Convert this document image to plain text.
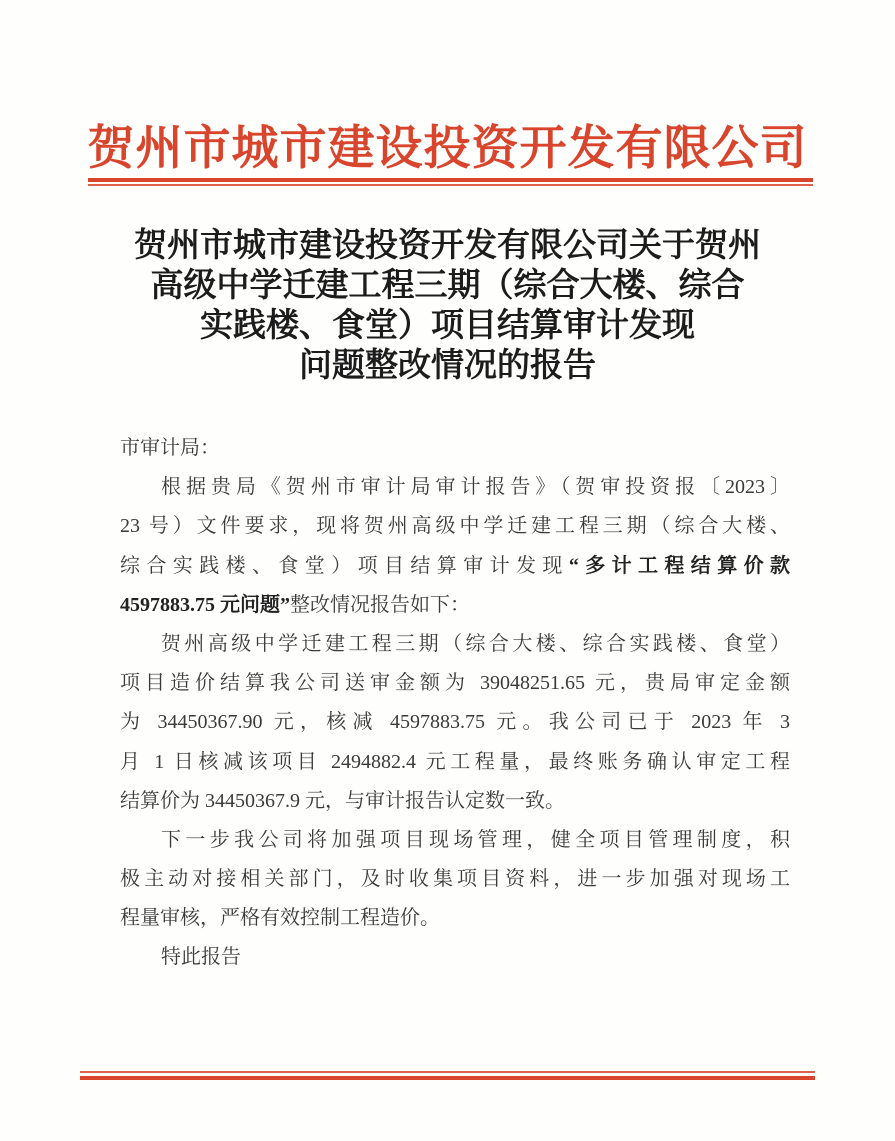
贺州市城市建设投资开发有限公司
贺州市城市建设投资开发有限公司关于贺州
高级中学迁建工程三期（综合大楼、综合
实践楼、食堂）项目结算审计发现
问题整改情况的报告
市审计局：
根据贵局《贺州市审计局审计报告》（贺审投资报〔2023〕
23 号）文件要求，现将贺州高级中学迁建工程三期（综合大楼、
综合实践楼、食堂）项目结算审计发现“多计工程结算价款
4597883.75 元问题”整改情况报告如下：
贺州高级中学迁建工程三期（综合大楼、综合实践楼、食堂）
项目造价结算我公司送审金额为 39048251.65 元，贵局审定金额
为 34450367.90 元，核减 4597883.75 元。我公司已于 2023 年 3
月 1 日核减该项目 2494882.4 元工程量，最终账务确认审定工程
结算价为 34450367.9 元，与审计报告认定数一致。
下一步我公司将加强项目现场管理，健全项目管理制度，积
极主动对接相关部门，及时收集项目资料，进一步加强对现场工
程量审核，严格有效控制工程造价。
特此报告
